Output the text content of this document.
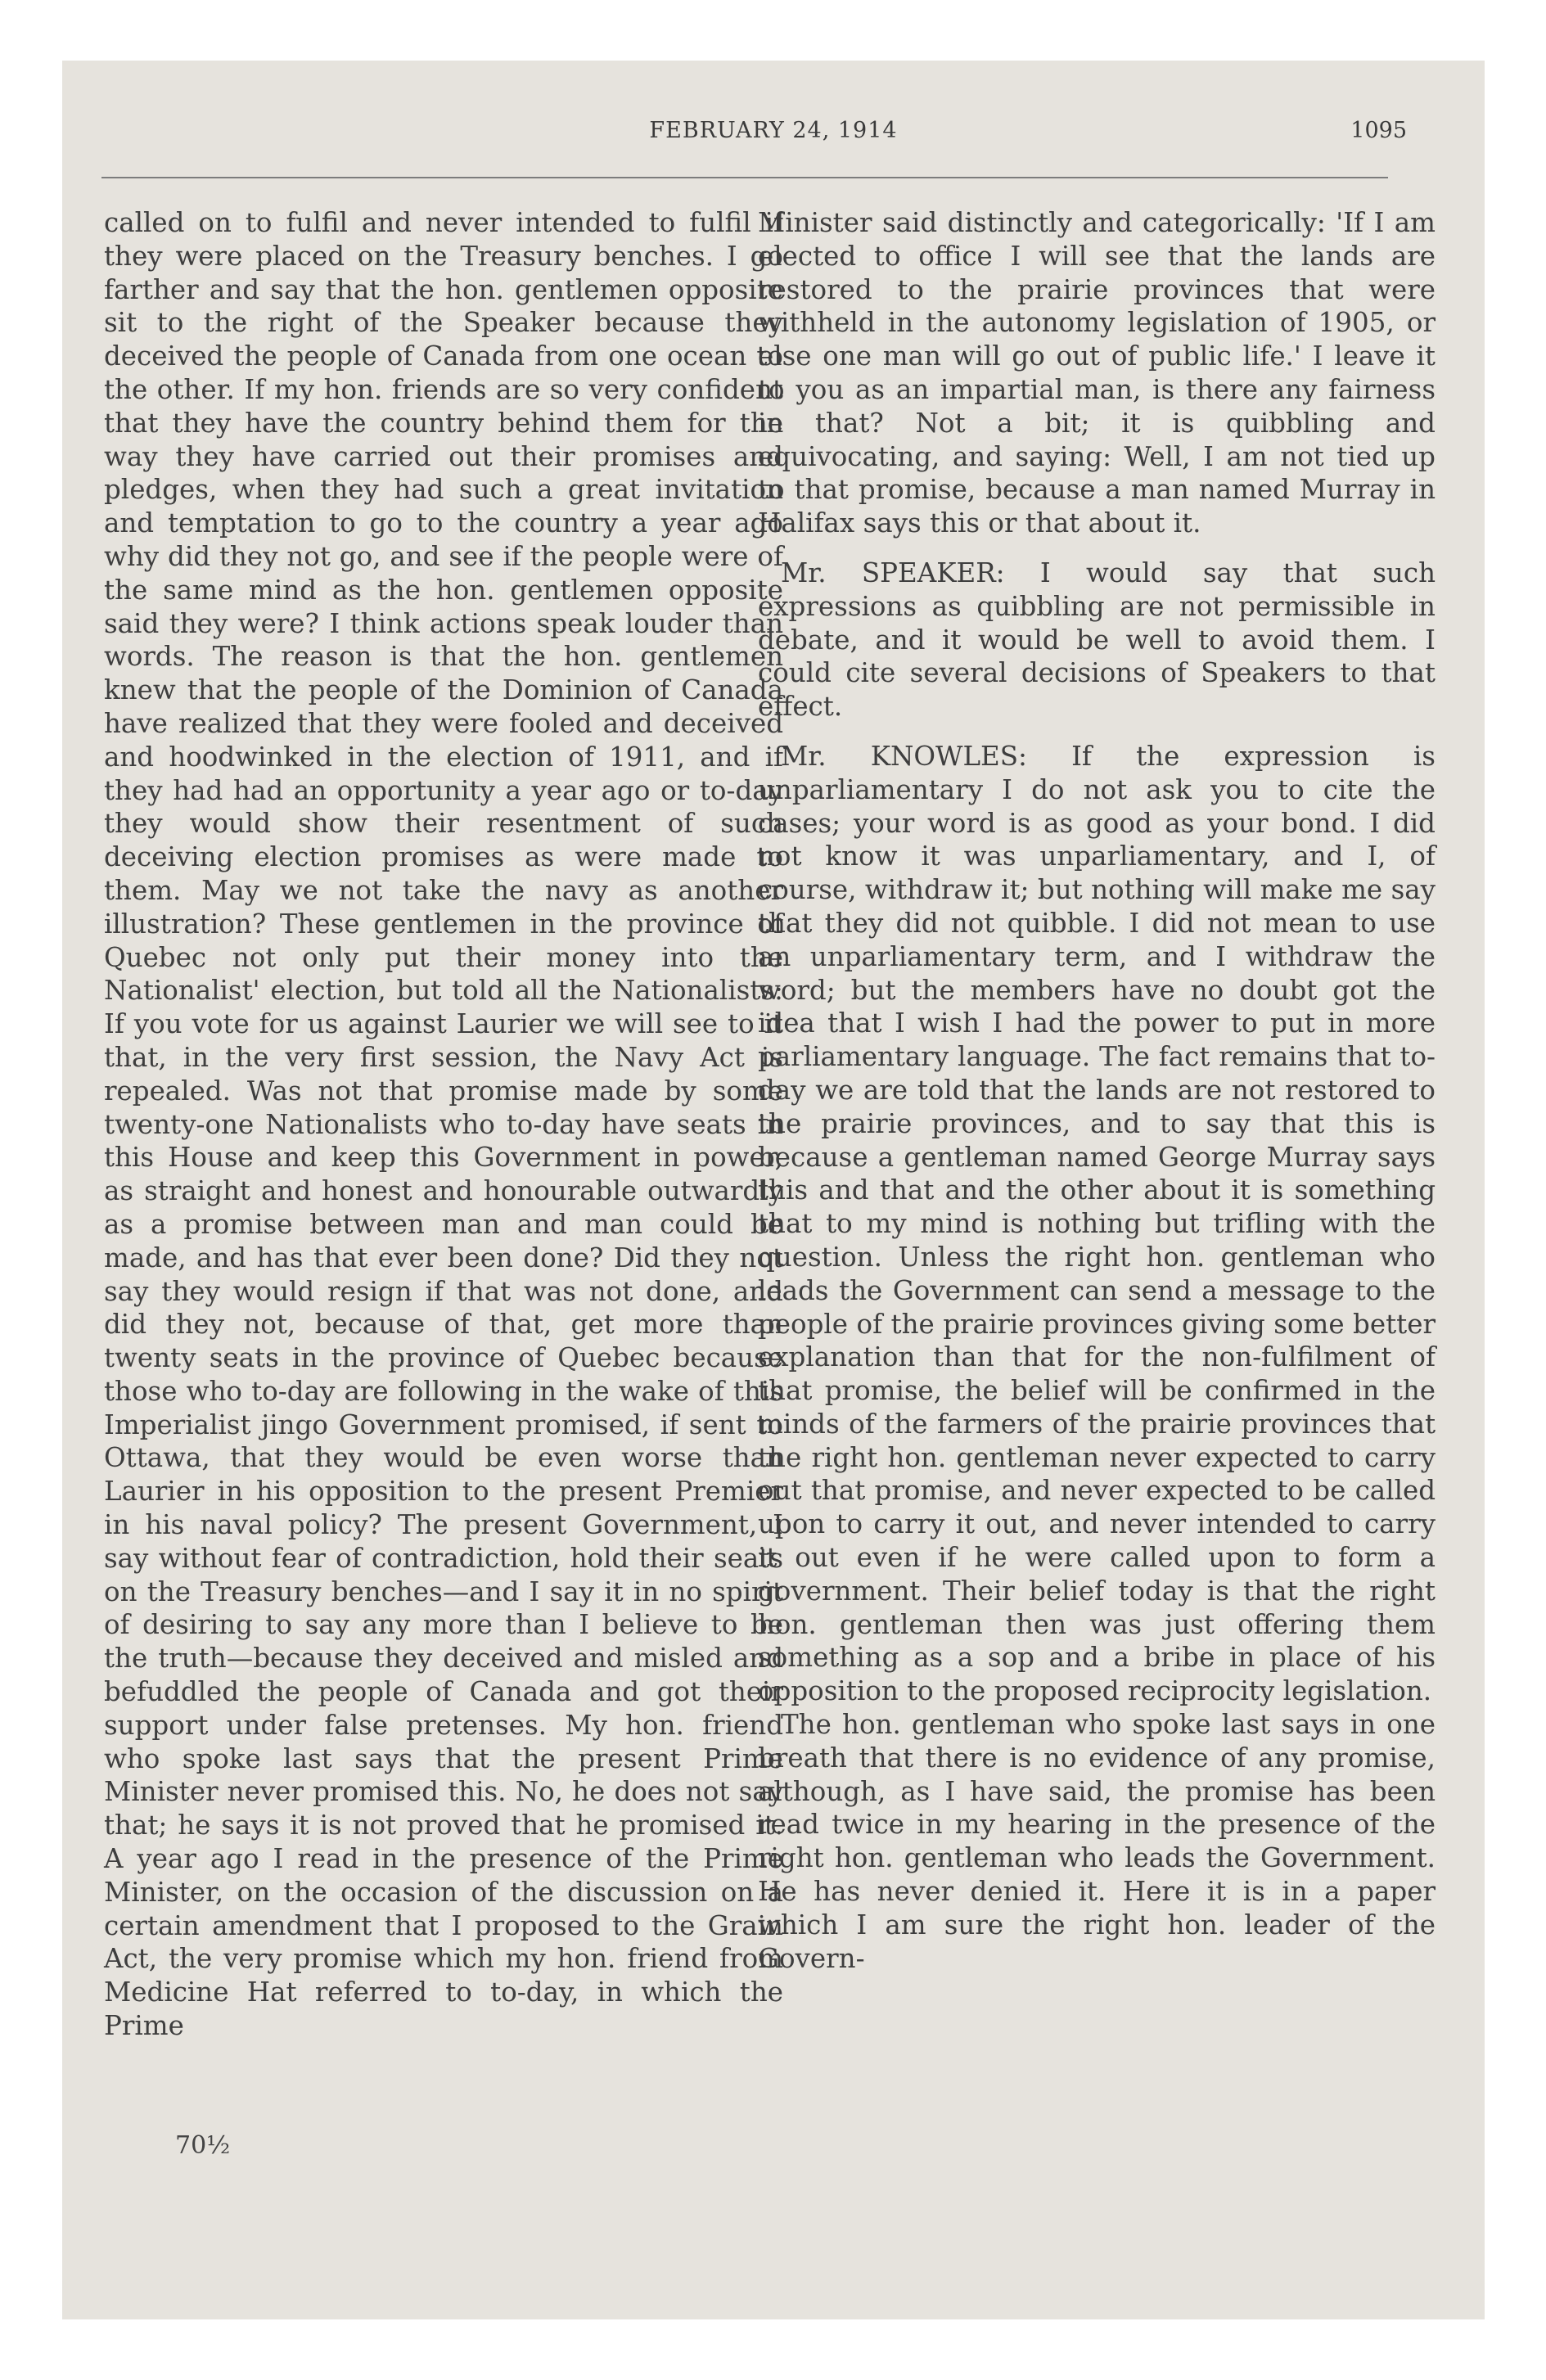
FEBRUARY 24, 1914	1095

called on to fulfil and never intended to fulfil if they were placed on the Treasury benches. I go farther and say that the hon. gentlemen opposite sit to the right of the Speaker because they deceived the people of Canada from one ocean to the other. If my hon. friends are so very confident that they have the country behind them for the way they have carried out their promises and pledges, when they had such a great invitation and temptation to go to the country a year ago why did they not go, and see if the people were of the same mind as the hon. gentlemen opposite said they were? I think actions speak louder than words. The reason is that the hon. gentlemen knew that the people of the Dominion of Canada have realized that they were fooled and deceived and hoodwinked in the election of 1911, and if they had had an opportunity a year ago or to-day they would show their resentment of such deceiving election promises as were made to them. May we not take the navy as another illustration? These gentlemen in the province of Quebec not only put their money into the Nationalist' election, but told all the Nationalists: If you vote for us against Laurier we will see to it that, in the very first session, the Navy Act is repealed. Was not that promise made by some twenty-one Nationalists who to-day have seats in this House and keep this Government in power, as straight and honest and honourable outwardly as a promise between man and man could be made, and has that ever been done? Did they not say they would resign if that was not done, and did they not, because of that, get more than twenty seats in the province of Quebec because those who to-day are following in the wake of this Imperialist jingo Government promised, if sent to Ottawa, that they would be even worse than Laurier in his opposition to the present Premier in his naval policy? The present Government, I say without fear of contradiction, hold their seats on the Treasury benches—and I say it in no spirit of desiring to say any more than I believe to be the truth—because they deceived and misled and befuddled the people of Canada and got their support under false pretenses. My hon. friend who spoke last says that the present Prime Minister never promised this. No, he does not say that; he says it is not proved that he promised it. A year ago I read in the presence of the Prime Minister, on the occasion of the discussion on a certain amendment that I proposed to the Grain Act, the very promise which my hon. friend from Medicine Hat referred to to-day, in which the Prime

Minister said distinctly and categorically: 'If I am elected to office I will see that the lands are restored to the prairie provinces that were withheld in the autonomy legislation of 1905, or else one man will go out of public life.' I leave it to you as an impartial man, is there any fairness in that? Not a bit; it is quibbling and equivocating, and saying: Well, I am not tied up to that promise, because a man named Murray in Halifax says this or that about it.

Mr. SPEAKER: I would say that such expressions as quibbling are not permissible in debate, and it would be well to avoid them. I could cite several decisions of Speakers to that effect.

Mr. KNOWLES: If the expression is unparliamentary I do not ask you to cite the cases; your word is as good as your bond. I did not know it was unparliamentary, and I, of course, withdraw it; but nothing will make me say that they did not quibble. I did not mean to use an unparliamentary term, and I withdraw the word; but the members have no doubt got the idea that I wish I had the power to put in more parliamentary language. The fact remains that to-day we are told that the lands are not restored to the prairie provinces, and to say that this is because a gentleman named George Murray says this and that and the other about it is something that to my mind is nothing but trifling with the question. Unless the right hon. gentleman who leads the Government can send a message to the people of the prairie provinces giving some better explanation than that for the non-fulfilment of that promise, the belief will be confirmed in the minds of the farmers of the prairie provinces that the right hon. gentleman never expected to carry out that promise, and never expected to be called upon to carry it out, and never intended to carry it out even if he were called upon to form a government. Their belief today is that the right hon. gentleman then was just offering them something as a sop and a bribe in place of his opposition to the proposed reciprocity legislation.

The hon. gentleman who spoke last says in one breath that there is no evidence of any promise, although, as I have said, the promise has been read twice in my hearing in the presence of the right hon. gentleman who leads the Government. He has never denied it. Here it is in a paper which I am sure the right hon. leader of the Govern-

70½
